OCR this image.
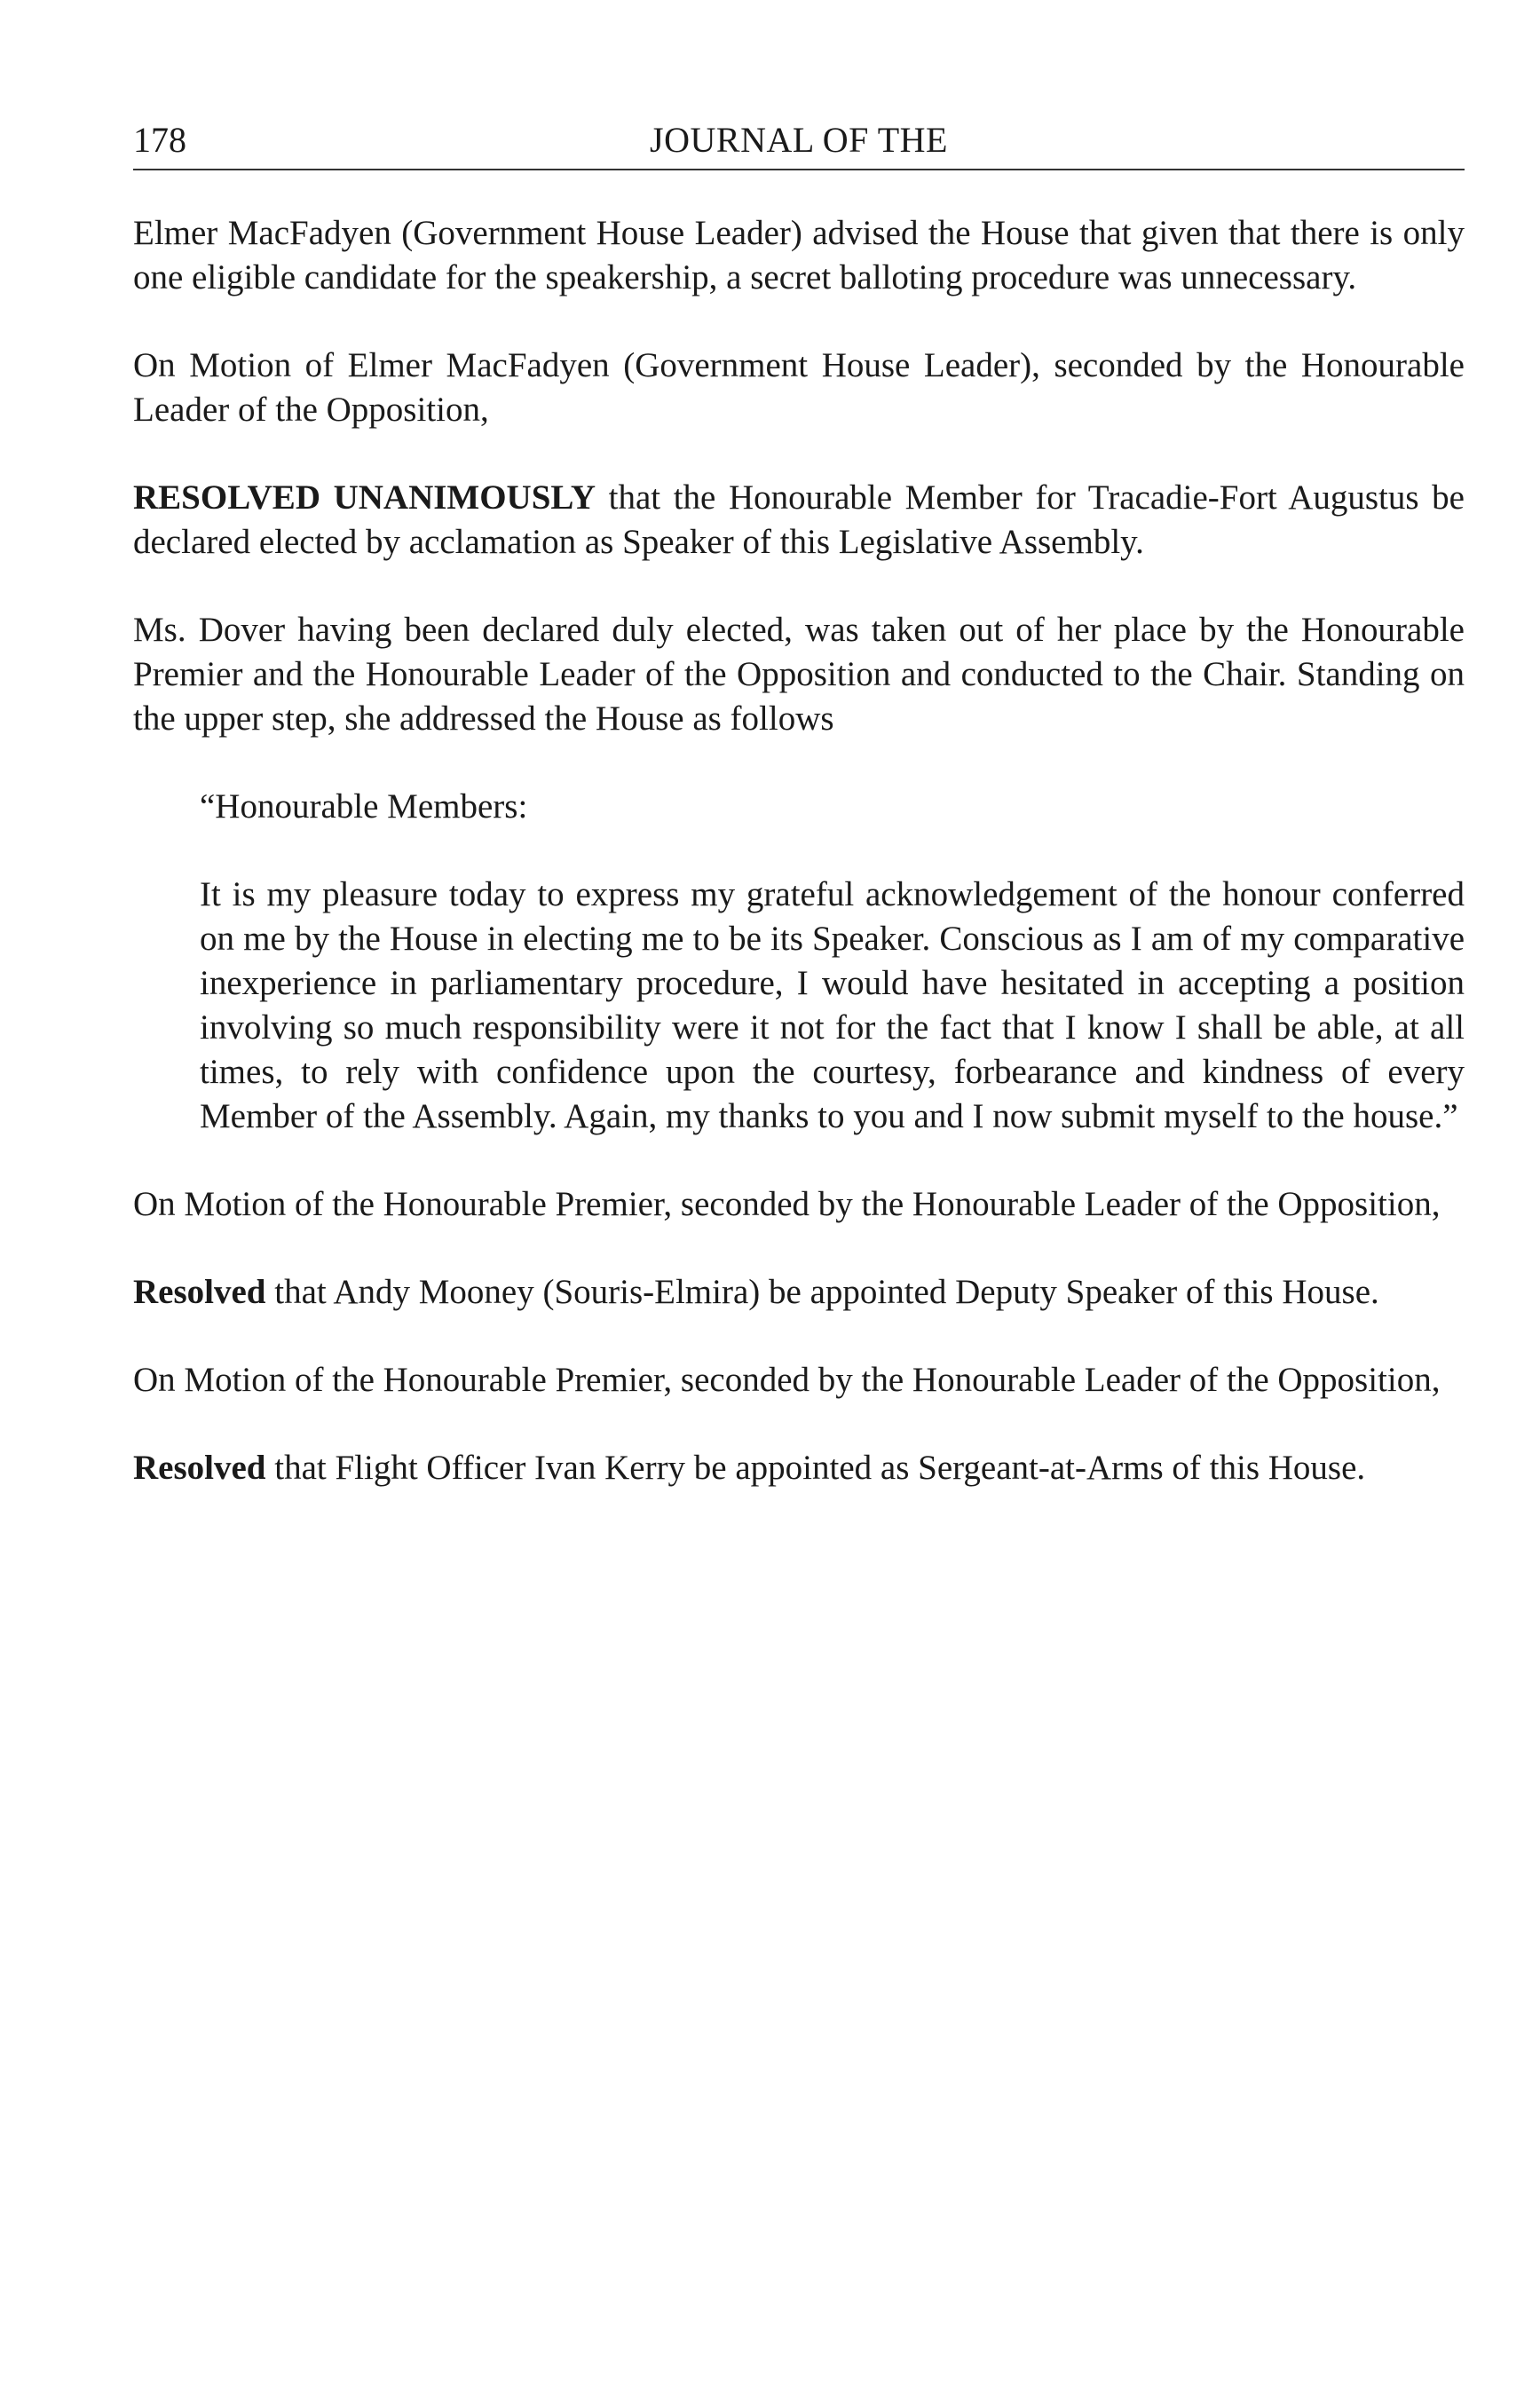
178	JOURNAL OF THE

Elmer MacFadyen (Government House Leader) advised the House that given that there is only one eligible candidate for the speakership, a secret balloting procedure was unnecessary.

On Motion of Elmer MacFadyen (Government House Leader), seconded by the Honourable Leader of the Opposition,

RESOLVED UNANIMOUSLY that the Honourable Member for Tracadie-Fort Augustus be declared elected by acclamation as Speaker of this Legislative Assembly.

Ms. Dover having been declared duly elected, was taken out of her place by the Honourable Premier and the Honourable Leader of the Opposition and conducted to the Chair. Standing on the upper step, she addressed the House as follows

“Honourable Members:

It is my pleasure today to express my grateful acknowledgement of the honour conferred on me by the House in electing me to be its Speaker. Conscious as I am of my comparative inexperience in parliamentary procedure, I would have hesitated in accepting a position involving so much responsibility were it not for the fact that I know I shall be able, at all times, to rely with confidence upon the courtesy, forbearance and kindness of every Member of the Assembly. Again, my thanks to you and I now submit myself to the house.”

On Motion of the Honourable Premier, seconded by the Honourable Leader of the Opposition,

Resolved that Andy Mooney (Souris-Elmira) be appointed Deputy Speaker of this House.

On Motion of the Honourable Premier, seconded by the Honourable Leader of the Opposition,

Resolved that Flight Officer Ivan Kerry be appointed as Sergeant-at-Arms of this House.
